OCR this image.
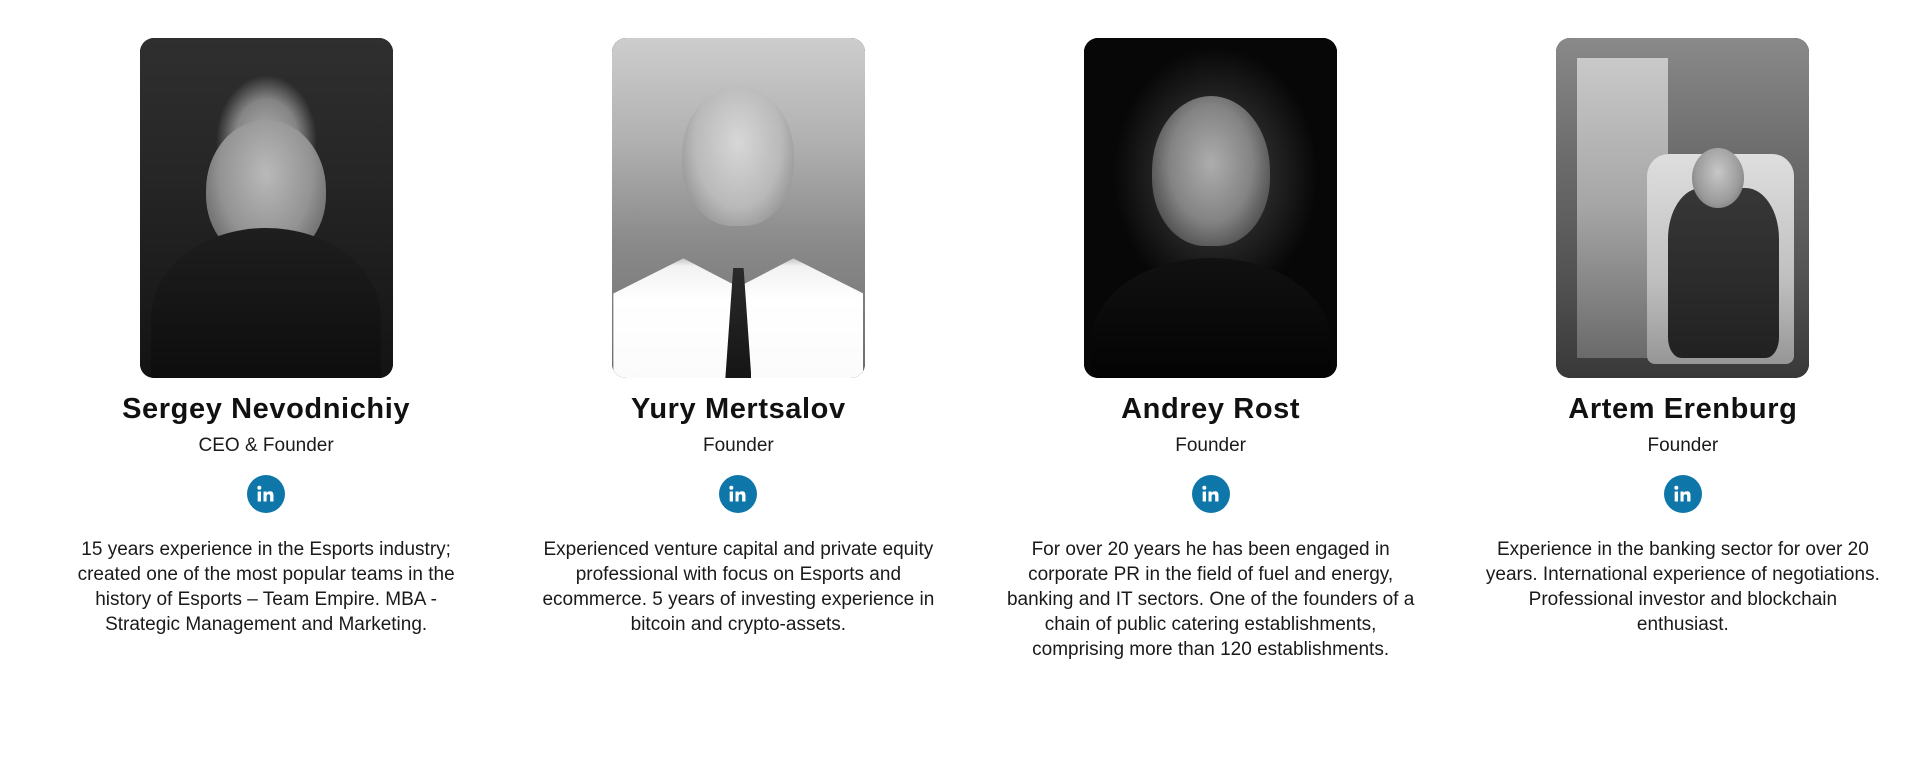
Sergey Nevodnichiy
CEO & Founder
15 years experience in the Esports industry; created one of the most popular teams in the history of Esports – Team Empire. MBA - Strategic Management and Marketing.
Yury Mertsalov
Founder
Experienced venture capital and private equity professional with focus on Esports and ecommerce. 5 years of investing experience in bitcoin and crypto-assets.
Andrey Rost
Founder
For over 20 years he has been engaged in corporate PR in the field of fuel and energy, banking and IT sectors. One of the founders of a chain of public catering establishments, comprising more than 120 establishments.
Artem Erenburg
Founder
Experience in the banking sector for over 20 years. International experience of negotiations. Professional investor and blockchain enthusiast.
